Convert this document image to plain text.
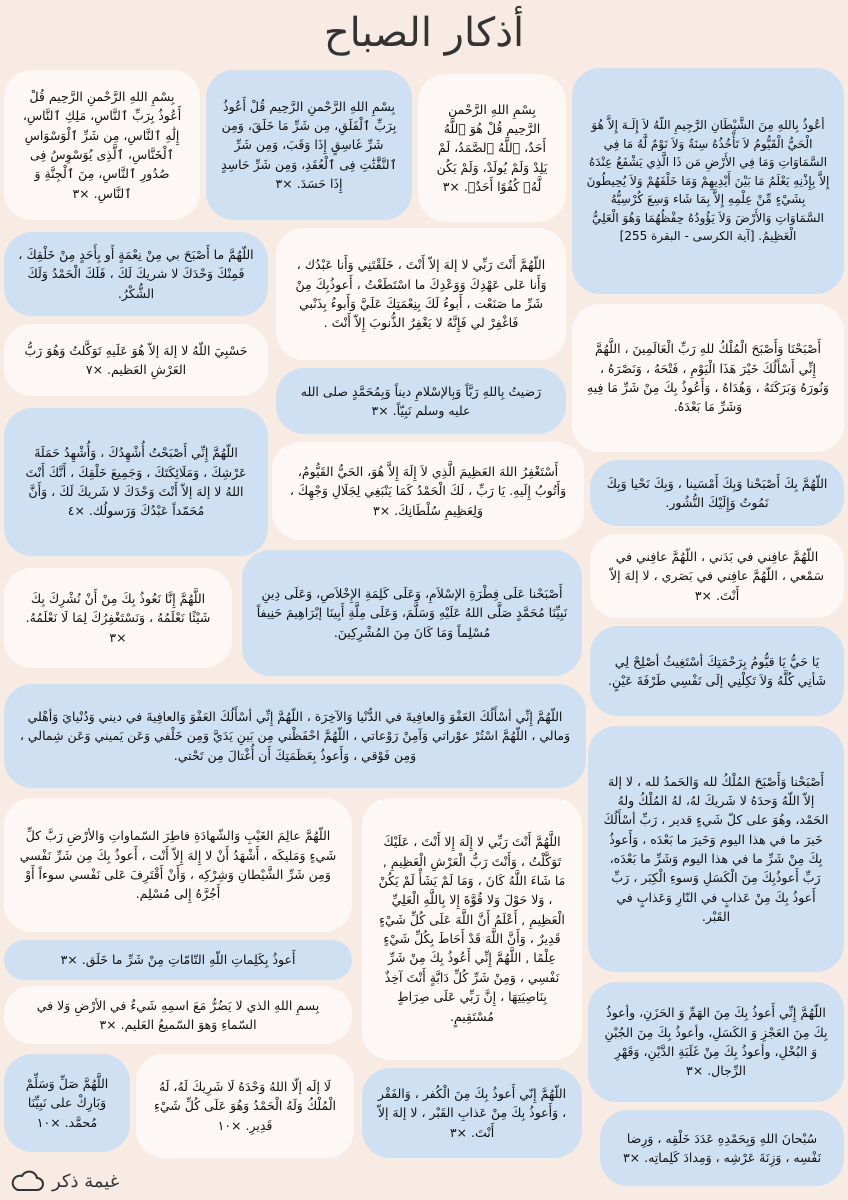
أذكار الصباح
أعُوذُ بِاللهِ مِنَ الشَّيْطَانِ الرَّجِيمِ اللّهُ لاَ إِلَـهَ إِلاَّ هُوَ الْحَيُّ الْقَيُّومُ لاَ تَأْخُذُهُ سِنَةٌ وَلاَ نَوْمٌ لَّهُ مَا فِي السَّمَاوَاتِ وَمَا فِي الأَرْضِ مَن ذَا الَّذِي يَشْفَعُ عِنْدَهُ إِلاَّ بِإِذْنِهِ يَعْلَمُ مَا بَيْنَ أَيْدِيهِمْ وَمَا خَلْفَهُمْ وَلاَ يُحِيطُونَ بِشَيْءٍ مِّنْ عِلْمِهِ إِلاَّ بِمَا شَاء وَسِعَ كُرْسِيُّهُ السَّمَاوَاتِ وَالأَرْضَ وَلاَ يَؤُودُهُ حِفْظُهُمَا وَهُوَ الْعَلِيُّ الْعَظِيمُ. [آية الكرسى - البقرة 255]
بِسْمِ اللهِ الرَّحْمنِ الرَّحِيمِ قُلْ هُوَ ٱللَّهُ أَحَدٌ، ٱللَّهُ ٱلصَّمَدُ، لَمْ يَلِدْ وَلَمْ يُولَدْ، وَلَمْ يَكُن لَّهُۥ كُفُوًا أَحَدٌۢ. ×٣
بِسْمِ اللهِ الرَّحْمنِ الرَّحِيم قُلْ أَعُوذُ بِرَبِّ ٱلْفَلَقِ، مِن شَرِّ مَا خَلَقَ، وَمِن شَرِّ غَاسِقٍ إِذَا وَقَبَ، وَمِن شَرِّ ٱلنَّفَّٰثَٰتِ فِى ٱلْعُقَدِ، وَمِن شَرِّ حَاسِدٍ إِذَا حَسَدَ. ×٣
بِسْمِ اللهِ الرَّحْمنِ الرَّحِيم قُلْ أَعُوذُ بِرَبِّ ٱلنَّاسِ، مَلِكِ ٱلنَّاسِ، إِلَٰهِ ٱلنَّاسِ، مِن شَرِّ ٱلْوَسْوَاسِ ٱلْخَنَّاسِ، ٱلَّذِى يُوَسْوِسُ فِى صُدُورِ ٱلنَّاسِ، مِنَ ٱلْجِنَّةِ وَ ٱلنَّاسِ. ×٣
أَصْبَحْنَا وَأَصْبَحَ الْمُلْكُ للهِ رَبِّ الْعَالَمِينَ ، اللَّهُمَّ إِنِّي أَسْأَلُكَ خَيْرَ هَذَا الْيَوْمِ ، فَتْحَهُ ، وَنَصْرَهُ ، وَنُورَهُ وَبَرَكَتَهُ ، وَهُدَاهُ ، وَأَعُوذُ بِكَ مِنْ شَرِّ مَا فِيهِ وَشَرِّ مَا بَعْدَهُ.
اللّهُمَّ أَنْتَ رَبِّي لا إلهَ إلاّ أَنْتَ ، خَلَقْتَنِي وَأَنا عَبْدُك ، وَأَنا عَلى عَهْدِكَ وَوَعْدِكَ ما اسْتَطَعْتُ ، أَعوذُبِكَ مِنْ شَرِّ ما صَنَعْت ، أَبوءُ لَكَ بِنِعْمَتِكَ عَلَيَّ وَأَبوءُ بِذَنْبي فَاغْفِرْ لي فَإِنَّهُ لا يَغْفِرُ الذُّنوبَ إِلاّ أَنْتَ .
اللّهُمَّ ما أَصْبَحَ بي مِنْ نِعْمَةٍ أَو بِأَحَدٍ مِنْ خَلْقِكَ ، فَمِنْكَ وَحْدَكَ لا شريكَ لَكَ ، فَلَكَ الْحَمْدُ وَلَكَ الشُّكْرُ.
حَسْبِيَ اللّهُ لا إلهَ إلاّ هُوَ عَلَيهِ تَوَكَّلتُ وَهُوَ رَبُّ العَرْشِ العَظيم. ×٧
رَضيتُ بِاللهِ رَبَّاً وَبِالإسْلامِ ديناً وَبِمُحَمَّدٍ صلى الله عليه وسلم نَبِيّاً. ×٣
اللّهُمَّ بِكَ أَصْبَحْنا وَبِكَ أَمْسَينا ، وَبِكَ نَحْيا وَبِكَ نَمُوتُ وَإِلَيْكَ النُّشُور.
اللّهُمَّ إِنِّي أَصْبَحْتُ أُشْهِدُكَ ، وَأُشْهِدُ حَمَلَةَ عَرْشِكَ ، وَمَلَائِكَتَكَ ، وَجَمِيعَ خَلْقِكَ ، أَنَّكَ أَنْتَ اللهُ لا إلهَ إلاّ أَنْتَ وَحْدَكَ لا شَريكَ لَكَ ، وَأَنَّ مُحَمّداً عَبْدُكَ وَرَسولُك. ×٤
أَسْتَغْفِرُ اللهَ العَظِيمَ الَّذِي لاَ إِلَهَ إِلاَّ هُوَ، الحَيُّ القَيُّومُ، وَأَتُوبُ إِلَيهِ. يَا رَبِّ ، لَكَ الْحَمْدُ كَمَا يَنْبَغِي لِجَلَالِ وَجْهِكَ ، وَلِعَظِيمِ سُلْطَانِكَ. ×٣
اللّهُمَّ عافِني في بَدَني ، اللّهُمَّ عافِني في سَمْعي ، اللّهُمَّ عافِني في بَصَري ، لا إلهَ إلاّ أَنْتَ. ×٣
اللَّهُمَّ إِنَّا نَعُوذُ بِكَ مِنْ أَنْ نُشْرِكَ بِكَ شَيْئًا نَعْلَمُهُ ، وَنَسْتَغْفِرُكَ لِمَا لَا نَعْلَمُهُ. ×٣
أَصْبَحْنا عَلَى فِطْرَةِ الإسْلاَمِ، وَعَلَى كَلِمَةِ الإِخْلاَصِ، وَعَلَى دِينِ نَبِيِّنَا مُحَمَّدٍ صَلَّى اللهُ عَلَيْهِ وَسَلَّمَ، وَعَلَى مِلَّةِ أَبِينَا إبْرَاهِيمَ حَنِيفاً مُسْلِماً وَمَا كَانَ مِنَ المُشْرِكِينَ.
يَا حَيُّ يَا قيُّومُ بِرَحْمَتِكَ أسْتَغِيثُ أصْلِحْ لِي شَأنِي كُلَّهُ وَلاَ تَكِلْنِي إلَى نَفْسِي طَرْفَةَ عَيْنٍ.
اللّهُمَّ إِنِّي أسْأَلُكَ العَفْوَ وَالعافِيةَ في الدُّنْيا وَالآخِرَة ، اللّهُمَّ إِنِّي أسْأَلُكَ العَفْوَ وَالعافِيةَ في ديني وَدُنْيايَ وَأهْلي وَمالي ، اللّهُمَّ اسْتُرْ عوْراتي وَآمِنْ رَوْعاتي ، اللّهُمَّ احْفَظْني مِن بَينِ يَدَيَّ وَمِن خَلْفي وَعَن يَميني وَعَن شِمالي ، وَمِن فَوْقي ، وَأَعوذُ بِعَظَمَتِكَ أَن أُغْتالَ مِن تَحْتي.
أَصْبَحْنا وَأَصْبَحَ المُلْكُ لله وَالحَمدُ لله ، لا إلهَ إلاّ اللّهُ وَحدَهُ لا شَريكَ لهُ، لهُ المُلْكُ ولهُ الحَمْد، وهُوَ على كلّ شَيءٍ قدير ، رَبِّ أسْأَلُكَ خَيرَ ما في هذا اليوم وَخَيرَ ما بَعْدَه ، وَأَعوذُ بِكَ مِنْ شَرِّ ما في هذا اليوم وَشَرِّ ما بَعْدَه، رَبِّ أَعوذُبِكَ مِنَ الْكَسَلِ وَسوءِ الْكِبَر ، رَبِّ أَعوذُ بِكَ مِنْ عَذابٍ في النّارِ وَعَذابٍ في القَبْر.
اللّهُمَّ عالِمَ الغَيْبِ وَالشّهادَةِ فاطِرَ السّماواتِ وَالأرْضِ رَبَّ كلِّ شَيءٍ وَمَليكَه ، أَشْهَدُ أَنْ لا إِلهَ إِلاّ أَنْت ، أَعوذُ بِكَ مِن شَرِّ نَفْسي وَمِن شَرِّ الشَّيْطانِ وَشِرْكِه ، وَأَنْ أَقْتَرِفَ عَلى نَفْسي سوءاً أَوْ أَجُرَّهُ إِلى مُسْلِم.
اللَّهُمَّ أَنْتَ رَبِّي لا إِلَهَ إِلا أَنْتَ ، عَلَيْكَ تَوَكَّلْتُ ، وَأَنْتَ رَبُّ الْعَرْشِ الْعَظِيمِ , مَا شَاءَ اللَّهُ كَانَ ، وَمَا لَمْ يَشَأْ لَمْ يَكُنْ ، وَلا حَوْلَ وَلا قُوَّةَ إِلا بِاللَّهِ الْعَلِيِّ الْعَظِيمِ , أَعْلَمُ أَنَّ اللَّهَ عَلَى كُلِّ شَيْءٍ قَدِيرٌ ، وَأَنَّ اللَّهَ قَدْ أَحَاطَ بِكُلِّ شَيْءٍ عِلْمًا , اللَّهُمَّ إِنِّي أَعُوذُ بِكَ مِنْ شَرِّ نَفْسِي ، وَمِنْ شَرِّ كُلِّ دَابَّةٍ أَنْتَ آخِذٌ بِنَاصِيَتِهَا ، إِنَّ رَبِّي عَلَى صِرَاطٍ مُسْتَقِيمٍ.
أَعوذُ بِكَلِماتِ اللّهِ التّامّاتِ مِنْ شَرِّ ما خَلَق. ×٣
اللّهُمَّ إِنِّي أَعوذُ بِكَ مِنَ الهَمِّ وَ الحَزَنِ، وأعوذُ بِكَ مِنَ العَجْزِ وَ الكَسَلِ، وأعوذُ بِكَ مِنَ الجُبْنِ وَ البُخْلِ، وأعوذُ بِكَ مِنْ غَلَبَةِ الدَّيْنِ، وَقَهْرِ الرِّجال. ×٣
بِسمِ اللهِ الذي لا يَضُرُّ مَعَ اسمِهِ شَيءٌ في الأرْضِ وَلا في السّماءِ وَهوَ السّميعُ العَليم. ×٣
اللّهُمَّ إِنّي أَعوذُ بِكَ مِنَ الْكُفر ، وَالفَقْر ، وَأَعوذُ بِكَ مِنْ عَذابِ القَبْر ، لا إلهَ إلاّ أَنْتَ. ×٣
لَا إلَه إلّا اللهُ وَحْدَهُ لَا شَرِيكَ لَهُ، لَهُ الْمُلْكُ وَلَهُ الْحَمْدُ وَهُوَ عَلَى كُلِّ شَيْءِ قَدِيرِ. ×١٠
اللَّهُمَّ صَلِّ وَسَلِّمْ وَبَارِكْ على نَبِيِّنَا مُحمَّد. ×١٠
سُبْحانَ اللهِ وَبِحَمْدِهِ عَدَدَ خَلْقِه ، وَرِضا نَفْسِه ، وَزِنَةَ عَرْشِه ، وَمِدادَ كَلِماتِه. ×٣
غيمة ذكر
